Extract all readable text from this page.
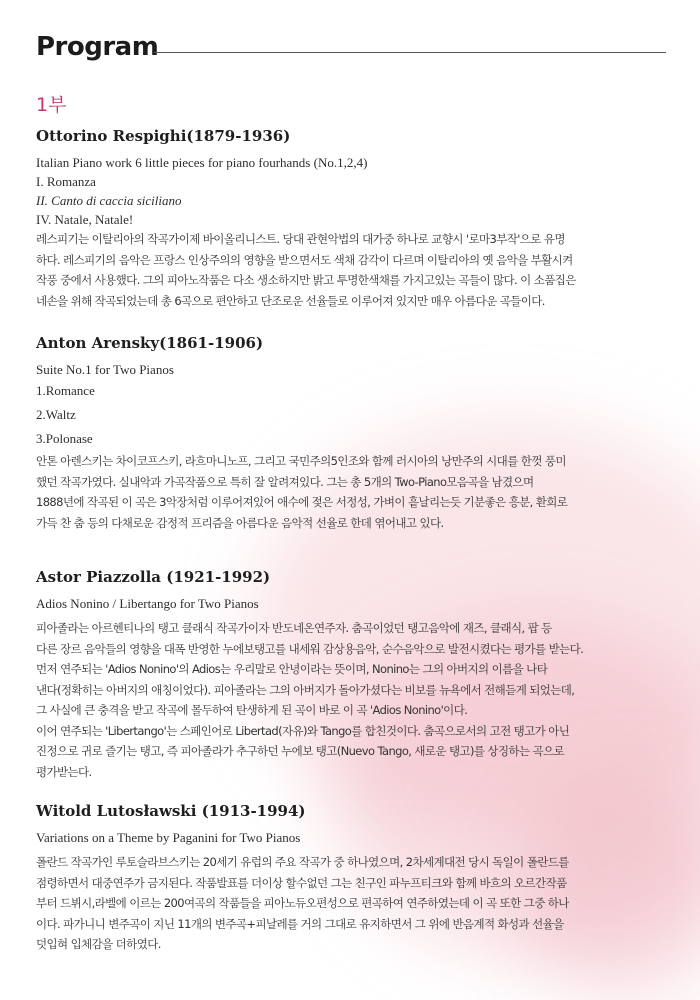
Program
1부
Ottorino Respighi(1879-1936)
Italian Piano work 6 little pieces for piano fourhands (No.1,2,4)
I. Romanza
II. Canto di caccia siciliano
IV. Natale, Natale!
레스피기는 이탈리아의 작곡가이제 바이올리니스트. 당대 관현악법의 대가중 하나로 교향시 '로마3부작'으로 유명
하다. 레스피기의 음악은 프랑스 인상주의의 영향을 받으면서도 색채 감각이 다르며 이탈리아의 옛 음악을 부활시켜
작풍 중에서 사용했다. 그의 피아노작품은 다소 생소하지만 밝고 투명한색채를 가지고있는 곡들이 많다. 이 소품집은
네손을 위해 작곡되었는데 총 6곡으로 편안하고 단조로운 선율들로 이루어져 있지만 매우 아름다운 곡들이다.
Anton Arensky(1861-1906)
Suite No.1 for Two Pianos
1.Romance
2.Waltz
3.Polonase
안톤 아렌스키는 차이코프스키, 라흐마니노프, 그리고 국민주의5인조와 함께 러시아의 낭만주의 시대를 한껏 풍미
했던 작곡가였다. 실내악과 가곡작품으로 특히 잘 알려져있다. 그는 총 5개의 Two-Piano모음곡을 남겼으며
1888년에 작곡된 이 곡은 3악장처럼 이루어져있어 애수에 젖은 서정성, 가벼이 흩날리는듯 기분좋은 흥분, 환희로
가득 찬 춤 등의 다채로운 감정적 프리즘을 아름다운 음악적 선율로 한데 엮어내고 있다.
Astor Piazzolla (1921-1992)
Adios Nonino / Libertango for Two Pianos
피아졸라는 아르헨티나의 탱고 클래식 작곡가이자 반도네온연주자. 춤곡이었던 탱고음악에 재즈, 클래식, 팝 등
다른 장르 음악들의 영향을 대폭 반영한 누에보탱고를 내세워 감상용음악, 순수음악으로 발전시켰다는 평가를 받는다.
먼저 연주되는 'Adios Nonino'의 Adios는 우리말로 안녕이라는 뜻이며, Nonino는 그의 아버지의 이름을 나타
낸다(정확히는 아버지의 애칭이었다). 피아졸라는 그의 아버지가 돌아가셨다는 비보를 뉴욕에서 전해듣게 되었는데,
그 사실에 큰 충격을 받고 작곡에 몰두하여 탄생하게 된 곡이 바로 이 곡 'Adios Nonino'이다.
이어 연주되는 'Libertango'는 스페인어로 Libertad(자유)와 Tango를 합친것이다. 춤곡으로서의 고전 탱고가 아닌
진정으로 귀로 즐기는 탱고, 즉 피아졸라가 추구하던 누에보 탱고(Nuevo Tango, 새로운 탱고)를 상징하는 곡으로
평가받는다.
Witold Lutosławski (1913-1994)
Variations on a Theme by Paganini for Two Pianos
폴란드 작곡가인 루토슬라브스키는 20세기 유럽의 주요 작곡가 중 하나였으며, 2차세계대전 당시 독일이 폴란드를
점령하면서 대중연주가 금지된다. 작품발표를 더이상 할수없던 그는 친구인 파누프티크와 함께 바흐의 오르간작품
부터 드뷔시,라벨에 이르는 200여곡의 작품들을 피아노듀오편성으로 편곡하여 연주하였는데 이 곡 또한 그중 하나
이다. 파가니니 변주곡이 지닌 11개의 변주곡+피날레를 거의 그대로 유지하면서 그 위에 반음계적 화성과 선율을
덧입혀 입체감을 더하였다.
